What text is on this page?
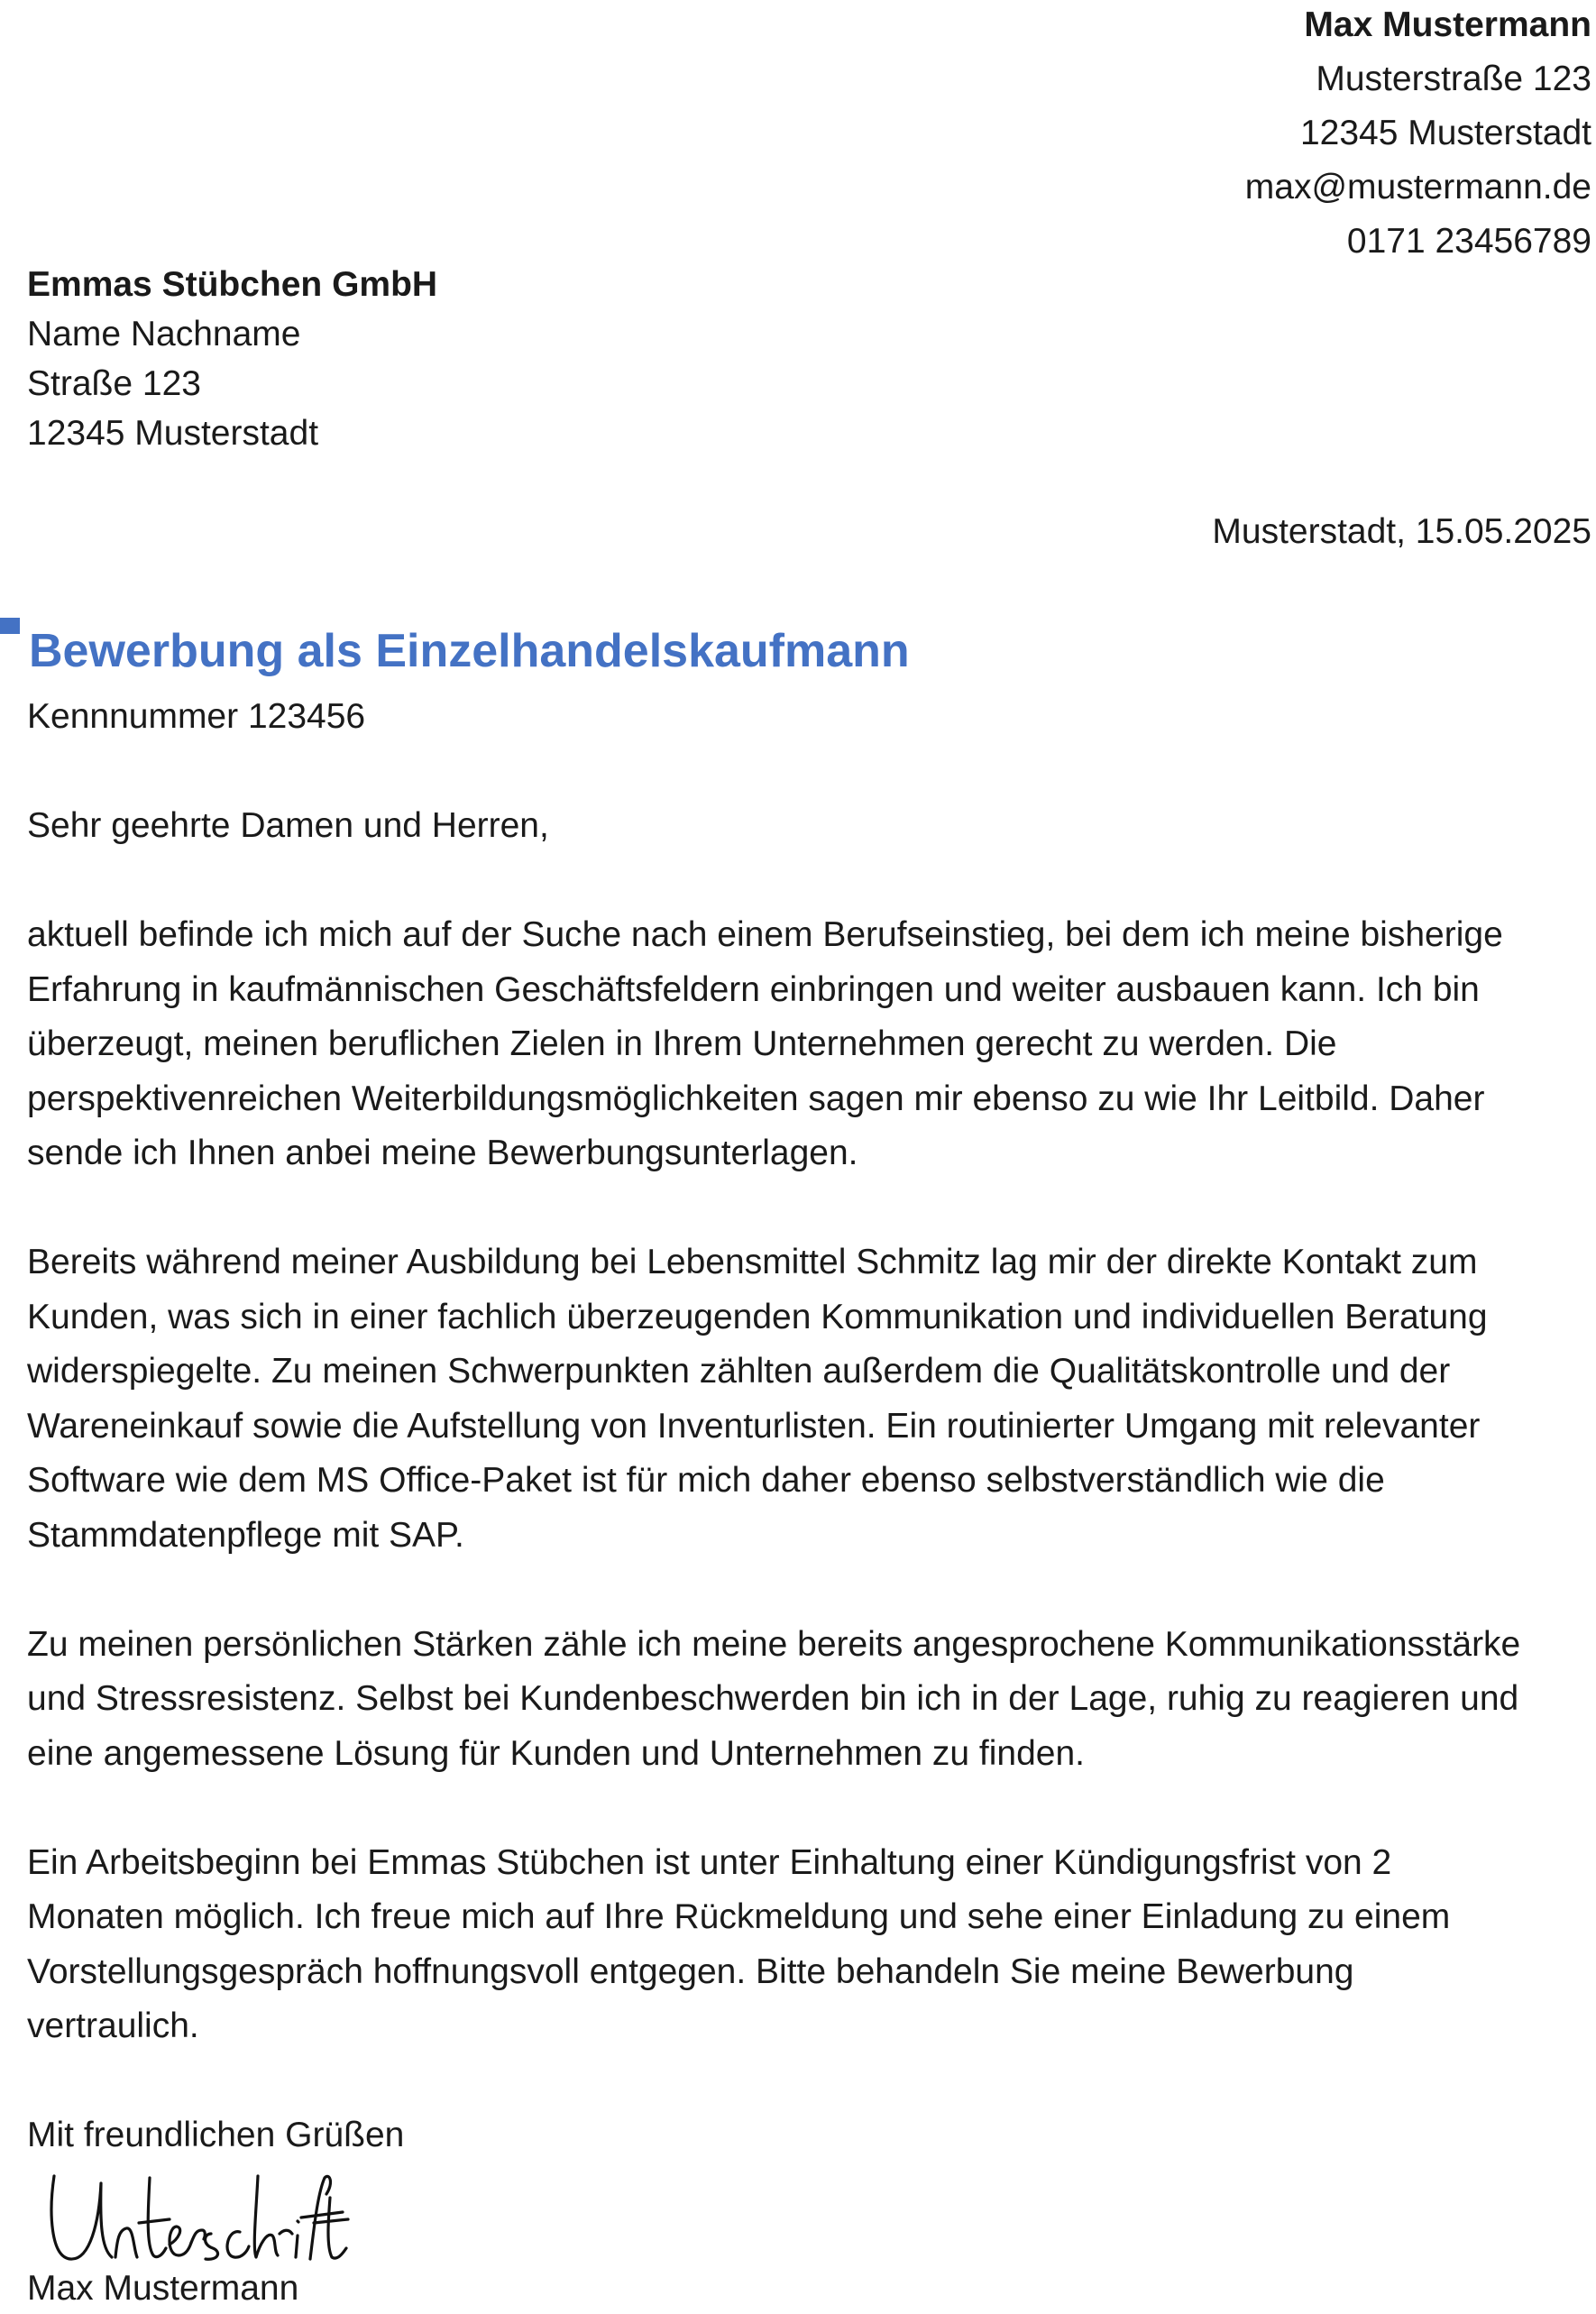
Max Mustermann
Musterstraße 123
12345 Musterstadt
max@mustermann.de
0171 23456789
Emmas Stübchen GmbH
Name Nachname
Straße 123
12345 Musterstadt
Musterstadt, 15.05.2025
Bewerbung als Einzelhandelskaufmann
Kennnummer 123456

Sehr geehrte Damen und Herren,

aktuell befinde ich mich auf der Suche nach einem Berufseinstieg, bei dem ich meine bisherige
Erfahrung in kaufmännischen Geschäftsfeldern einbringen und weiter ausbauen kann. Ich bin
überzeugt, meinen beruflichen Zielen in Ihrem Unternehmen gerecht zu werden. Die
perspektivenreichen Weiterbildungsmöglichkeiten sagen mir ebenso zu wie Ihr Leitbild. Daher
sende ich Ihnen anbei meine Bewerbungsunterlagen.

Bereits während meiner Ausbildung bei Lebensmittel Schmitz lag mir der direkte Kontakt zum
Kunden, was sich in einer fachlich überzeugenden Kommunikation und individuellen Beratung
widerspiegelte. Zu meinen Schwerpunkten zählten außerdem die Qualitätskontrolle und der
Wareneinkauf sowie die Aufstellung von Inventurlisten. Ein routinierter Umgang mit relevanter
Software wie dem MS Office-Paket ist für mich daher ebenso selbstverständlich wie die
Stammdatenpflege mit SAP.

Zu meinen persönlichen Stärken zähle ich meine bereits angesprochene Kommunikationsstärke
und Stressresistenz. Selbst bei Kundenbeschwerden bin ich in der Lage, ruhig zu reagieren und
eine angemessene Lösung für Kunden und Unternehmen zu finden.

Ein Arbeitsbeginn bei Emmas Stübchen ist unter Einhaltung einer Kündigungsfrist von 2
Monaten möglich. Ich freue mich auf Ihre Rückmeldung und sehe einer Einladung zu einem
Vorstellungsgespräch hoffnungsvoll entgegen. Bitte behandeln Sie meine Bewerbung
vertraulich.

Mit freundlichen Grüßen

Max Mustermann
